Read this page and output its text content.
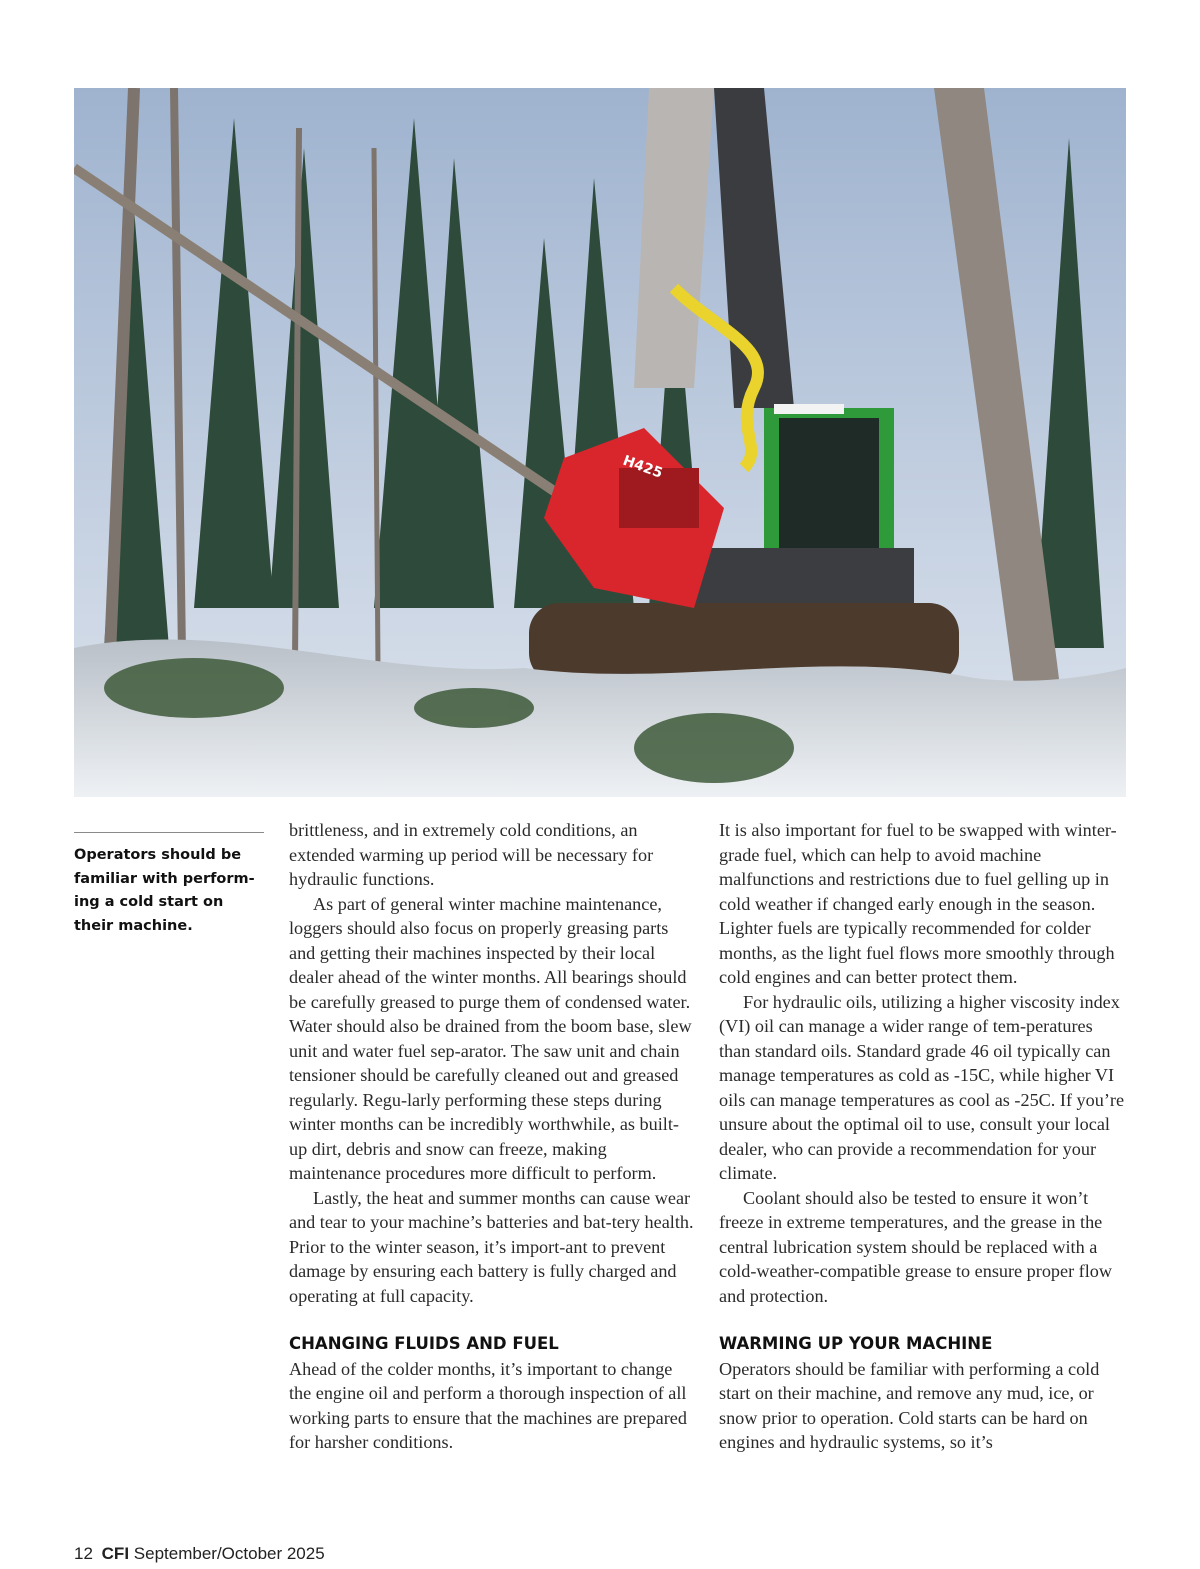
H425
Operators should be familiar with perform-ing a cold start on their machine.

brittleness, and in extremely cold conditions, an extended warming up period will be necessary for hydraulic functions.

As part of general winter machine maintenance, loggers should also focus on properly greasing parts and getting their machines inspected by their local dealer ahead of the winter months. All bearings should be carefully greased to purge them of condensed water. Water should also be drained from the boom base, slew unit and water fuel sep-arator. The saw unit and chain tensioner should be carefully cleaned out and greased regularly. Regu-larly performing these steps during winter months can be incredibly worthwhile, as built-up dirt, debris and snow can freeze, making maintenance procedures more difficult to perform.

Lastly, the heat and summer months can cause wear and tear to your machine’s batteries and bat-tery health. Prior to the winter season, it’s import-ant to prevent damage by ensuring each battery is fully charged and operating at full capacity.

CHANGING FLUIDS AND FUEL

Ahead of the colder months, it’s important to change the engine oil and perform a thorough inspection of all working parts to ensure that the machines are prepared for harsher conditions.

It is also important for fuel to be swapped with winter-grade fuel, which can help to avoid machine malfunctions and restrictions due to fuel gelling up in cold weather if changed early enough in the season. Lighter fuels are typically recommended for colder months, as the light fuel flows more smoothly through cold engines and can better protect them.

For hydraulic oils, utilizing a higher viscosity index (VI) oil can manage a wider range of tem-peratures than standard oils. Standard grade 46 oil typically can manage temperatures as cold as -15C, while higher VI oils can manage temperatures as cool as -25C. If you’re unsure about the optimal oil to use, consult your local dealer, who can provide a recommendation for your climate.

Coolant should also be tested to ensure it won’t freeze in extreme temperatures, and the grease in the central lubrication system should be replaced with a cold-weather-compatible grease to ensure proper flow and protection.

WARMING UP YOUR MACHINE

Operators should be familiar with performing a cold start on their machine, and remove any mud, ice, or snow prior to operation. Cold starts can be hard on engines and hydraulic systems, so it’s

12 CFI September/October 2025
